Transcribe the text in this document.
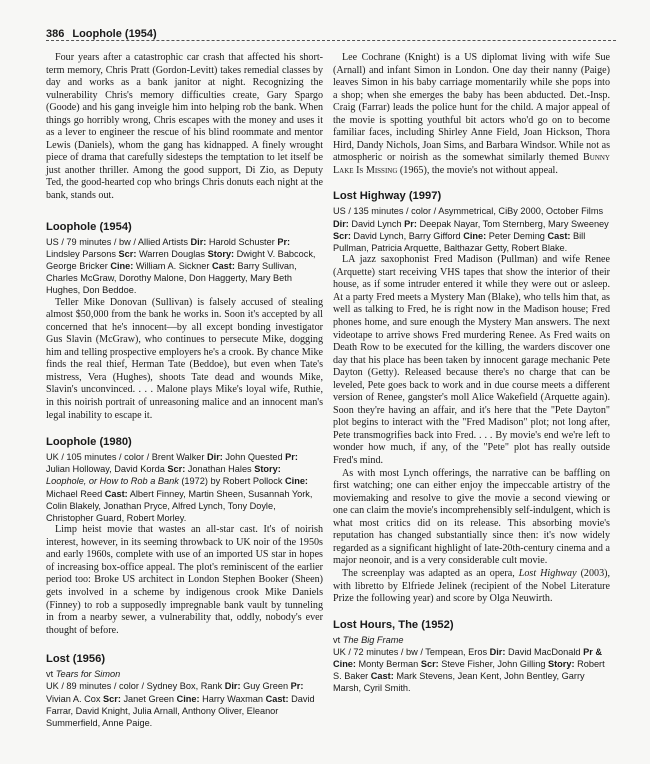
386 Loophole (1954)

Four years after a catastrophic car crash that affected his short-term memory, Chris Pratt (Gordon-Levitt) takes remedial classes by day and works as a bank janitor at night. Recognizing the vulnerability Chris's memory difficulties create, Gary Spargo (Goode) and his gang inveigle him into helping rob the bank. When things go horribly wrong, Chris escapes with the money and uses it as a lever to engineer the rescue of his blind roommate and mentor Lewis (Daniels), whom the gang has kidnapped. A finely wrought piece of drama that carefully sidesteps the temptation to let itself be just another thriller. Among the good support, Di Zio, as Deputy Ted, the good-hearted cop who brings Chris donuts each night at the bank, stands out.

Loophole (1954)

US / 79 minutes / bw / Allied Artists Dir: Harold Schuster Pr: Lindsley Parsons Scr: Warren Douglas Story: Dwight V. Babcock, George Bricker Cine: William A. Sickner Cast: Barry Sullivan, Charles McGraw, Dorothy Malone, Don Haggerty, Mary Beth Hughes, Don Beddoe.

Teller Mike Donovan (Sullivan) is falsely accused of stealing almost $50,000 from the bank he works in. Soon it's accepted by all concerned that he's innocent—by all except bonding investigator Gus Slavin (McGraw), who continues to persecute Mike, dogging him and telling prospective employers he's a crook. By chance Mike finds the real thief, Herman Tate (Beddoe), but even when Tate's mistress, Vera (Hughes), shoots Tate dead and wounds Mike, Slavin's unconvinced. . . . Malone plays Mike's loyal wife, Ruthie, in this noirish portrait of unreasoning malice and an innocent man's legal inability to escape it.

Loophole (1980)

UK / 105 minutes / color / Brent Walker Dir: John Quested Pr: Julian Holloway, David Korda Scr: Jonathan Hales Story: Loophole, or How to Rob a Bank (1972) by Robert Pollock Cine: Michael Reed Cast: Albert Finney, Martin Sheen, Susannah York, Colin Blakely, Jonathan Pryce, Alfred Lynch, Tony Doyle, Christopher Guard, Robert Morley.

Limp heist movie that wastes an all-star cast. It's of noirish interest, however, in its seeming throwback to UK noir of the 1950s and early 1960s, complete with use of an imported US star in hopes of increasing box-office appeal. The plot's reminiscent of the earlier period too: Broke US architect in London Stephen Booker (Sheen) gets involved in a scheme by indigenous crook Mike Daniels (Finney) to rob a supposedly impregnable bank vault by tunneling in from a nearby sewer, a vulnerability that, oddly, nobody's ever thought of before.

Lost (1956)

vt Tears for Simon

UK / 89 minutes / color / Sydney Box, Rank Dir: Guy Green Pr: Vivian A. Cox Scr: Janet Green Cine: Harry Waxman Cast: David Farrar, David Knight, Julia Arnall, Anthony Oliver, Eleanor Summerfield, Anne Paige.

Lee Cochrane (Knight) is a US diplomat living with wife Sue (Arnall) and infant Simon in London. One day their nanny (Paige) leaves Simon in his baby carriage momentarily while she pops into a shop; when she emerges the baby has been abducted. Det.-Insp. Craig (Farrar) leads the police hunt for the child. A major appeal of the movie is spotting youthful bit actors who'd go on to become familiar faces, including Shirley Anne Field, Joan Hickson, Thora Hird, Dandy Nichols, Joan Sims, and Barbara Windsor. While not as atmospheric or noirish as the somewhat similarly themed Bunny Lake Is Missing (1965), the movie's not without appeal.

Lost Highway (1997)

US / 135 minutes / color / Asymmetrical, CiBy 2000, October Films Dir: David Lynch Pr: Deepak Nayar, Tom Sternberg, Mary Sweeney Scr: David Lynch, Barry Gifford Cine: Peter Deming Cast: Bill Pullman, Patricia Arquette, Balthazar Getty, Robert Blake.

LA jazz saxophonist Fred Madison (Pullman) and wife Renee (Arquette) start receiving VHS tapes that show the interior of their house, as if some intruder entered it while they were out or asleep. At a party Fred meets a Mystery Man (Blake), who tells him that, as well as talking to Fred, he is right now in the Madison house; Fred phones home, and sure enough the Mystery Man answers. The next videotape to arrive shows Fred murdering Renee. As Fred waits on Death Row to be executed for the killing, the warders discover one day that his place has been taken by innocent garage mechanic Pete Dayton (Getty). Released because there's no charge that can be leveled, Pete goes back to work and in due course meets a different version of Renee, gangster's moll Alice Wakefield (Arquette again). Soon they're having an affair, and it's here that the "Pete Dayton" plot begins to interact with the "Fred Madison" plot; not long after, Pete transmogrifies back into Fred. . . . By movie's end we're left to wonder how much, if any, of the "Pete" plot has really outside Fred's mind.

As with most Lynch offerings, the narrative can be baffling on first watching; one can either enjoy the impeccable artistry of the moviemaking and resolve to give the movie a second viewing or one can claim the movie's incomprehensibly self-indulgent, which is what most critics did on its release. This absorbing movie's reputation has changed substantially since then: it's now widely regarded as a significant highlight of late-20th-century cinema and a major neonoir, and is a very considerable cult movie.

The screenplay was adapted as an opera, Lost Highway (2003), with libretto by Elfriede Jelinek (recipient of the Nobel Literature Prize the following year) and score by Olga Neuwirth.

Lost Hours, The (1952)

vt The Big Frame

UK / 72 minutes / bw / Tempean, Eros Dir: David MacDonald Pr & Cine: Monty Berman Scr: Steve Fisher, John Gilling Story: Robert S. Baker Cast: Mark Stevens, Jean Kent, John Bentley, Garry Marsh, Cyril Smith.
